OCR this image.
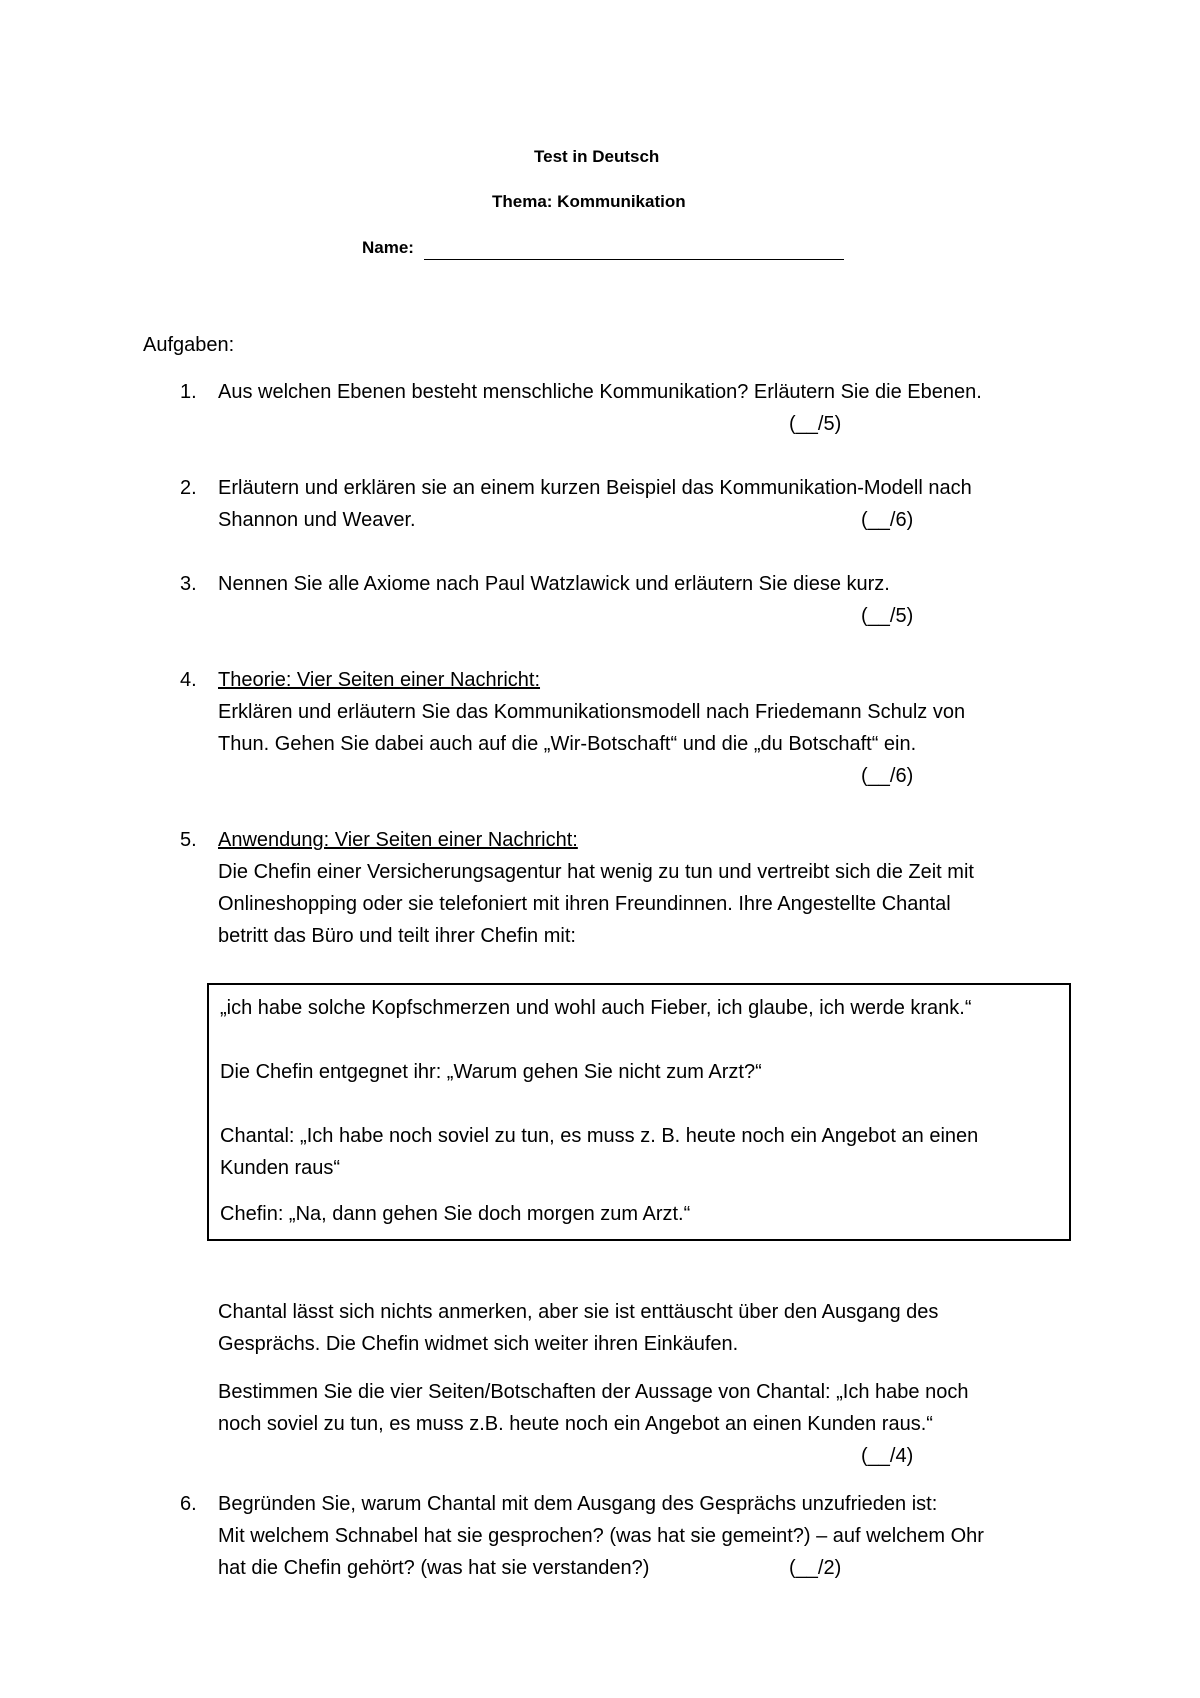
Test in Deutsch
Thema: Kommunikation
Name:
Aufgaben:
1. Aus welchen Ebenen besteht menschliche Kommunikation? Erläutern Sie die Ebenen.
(__/5)
2. Erläutern und erklären sie an einem kurzen Beispiel das Kommunikation-Modell nach
Shannon und Weaver.	(__/6)
3. Nennen Sie alle Axiome nach Paul Watzlawick und erläutern Sie diese kurz.
(__/5)
4. Theorie: Vier Seiten einer Nachricht:
Erklären und erläutern Sie das Kommunikationsmodell nach Friedemann Schulz von
Thun. Gehen Sie dabei auch auf die „Wir-Botschaft“ und die „du Botschaft“ ein.
(__/6)
5. Anwendung: Vier Seiten einer Nachricht:
Die Chefin einer Versicherungsagentur hat wenig zu tun und vertreibt sich die Zeit mit
Onlineshopping oder sie telefoniert mit ihren Freundinnen. Ihre Angestellte Chantal
betritt das Büro und teilt ihrer Chefin mit:
„ich habe solche Kopfschmerzen und wohl auch Fieber, ich glaube, ich werde krank.“
Die Chefin entgegnet ihr: „Warum gehen Sie nicht zum Arzt?“
Chantal: „Ich habe noch soviel zu tun, es muss z. B. heute noch ein Angebot an einen
Kunden raus“
Chefin: „Na, dann gehen Sie doch morgen zum Arzt.“
Chantal lässt sich nichts anmerken, aber sie ist enttäuscht über den Ausgang des
Gesprächs. Die Chefin widmet sich weiter ihren Einkäufen.
Bestimmen Sie die vier Seiten/Botschaften der Aussage von Chantal: „Ich habe noch
noch soviel zu tun, es muss z.B. heute noch ein Angebot an einen Kunden raus.“
(__/4)
6. Begründen Sie, warum Chantal mit dem Ausgang des Gesprächs unzufrieden ist:
Mit welchem Schnabel hat sie gesprochen? (was hat sie gemeint?) – auf welchem Ohr
hat die Chefin gehört? (was hat sie verstanden?)	(__/2)
